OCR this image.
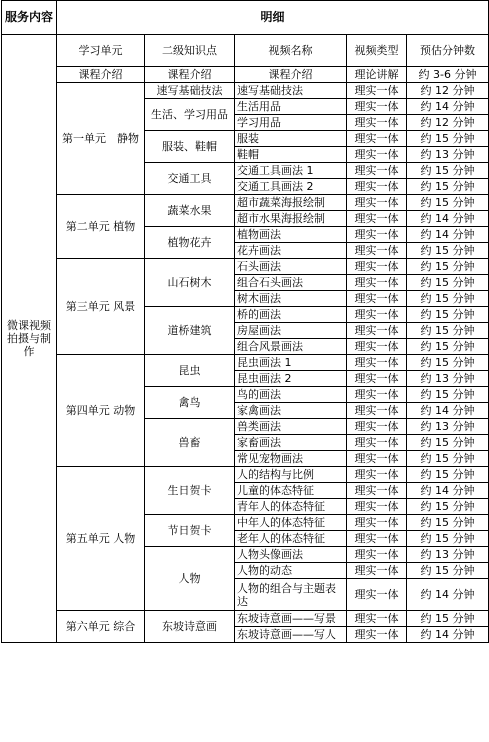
服务内容	明细				
微课视频拍摄与制作	学习单元	二级知识点	视频名称	视频类型	预估分钟数
	课程介绍	课程介绍	课程介绍	理论讲解	约 3-6 分钟
	第一单元　静物	速写基础技法	速写基础技法	理实一体	约 12 分钟
		生活、学习用品	生活用品	理实一体	约 14 分钟
			学习用品	理实一体	约 12 分钟
		服装、鞋帽	服装	理实一体	约 15 分钟
			鞋帽	理实一体	约 13 分钟
		交通工具	交通工具画法 1	理实一体	约 15 分钟
			交通工具画法 2	理实一体	约 15 分钟
	第二单元 植物	蔬菜水果	超市蔬菜海报绘制	理实一体	约 15 分钟
			超市水果海报绘制	理实一体	约 14 分钟
		植物花卉	植物画法	理实一体	约 14 分钟
			花卉画法	理实一体	约 15 分钟
	第三单元 风景	山石树木	石头画法	理实一体	约 15 分钟
			组合石头画法	理实一体	约 15 分钟
			树木画法	理实一体	约 15 分钟
		道桥建筑	桥的画法	理实一体	约 15 分钟
			房屋画法	理实一体	约 15 分钟
			组合风景画法	理实一体	约 15 分钟
	第四单元 动物	昆虫	昆虫画法 1	理实一体	约 15 分钟
			昆虫画法 2	理实一体	约 13 分钟
		禽鸟	鸟的画法	理实一体	约 15 分钟
			家禽画法	理实一体	约 14 分钟
		兽畜	兽类画法	理实一体	约 13 分钟
			家畜画法	理实一体	约 15 分钟
			常见宠物画法	理实一体	约 15 分钟
	第五单元 人物	生日贺卡	人的结构与比例	理实一体	约 15 分钟
			儿童的体态特征	理实一体	约 14 分钟
			青年人的体态特征	理实一体	约 15 分钟
		节日贺卡	中年人的体态特征	理实一体	约 15 分钟
			老年人的体态特征	理实一体	约 15 分钟
		人物	人物头像画法	理实一体	约 13 分钟
			人物的动态	理实一体	约 15 分钟
			人物的组合与主题表达	理实一体	约 14 分钟
	第六单元 综合	东坡诗意画	东坡诗意画——写景	理实一体	约 15 分钟
			东坡诗意画——写人	理实一体	约 14 分钟
